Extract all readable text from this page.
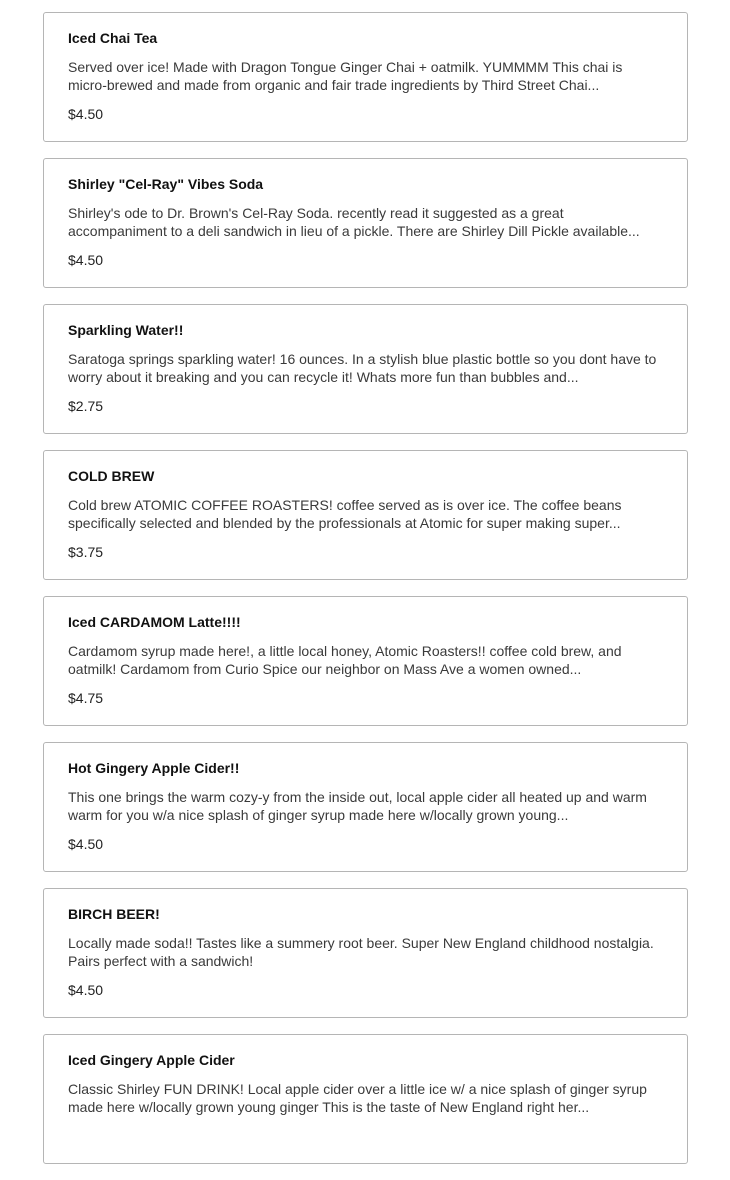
Iced Chai Tea
Served over ice! Made with Dragon Tongue Ginger Chai + oatmilk. YUMMMM This chai is micro-brewed and made from organic and fair trade ingredients by Third Street Chai...
$4.50
Shirley "Cel-Ray" Vibes Soda
Shirley's ode to Dr. Brown's Cel-Ray Soda. recently read it suggested as a great accompaniment to a deli sandwich in lieu of a pickle. There are Shirley Dill Pickle available...
$4.50
Sparkling Water!!
Saratoga springs sparkling water! 16 ounces. In a stylish blue plastic bottle so you dont have to worry about it breaking and you can recycle it! Whats more fun than bubbles and...
$2.75
COLD BREW
Cold brew ATOMIC COFFEE ROASTERS! coffee served as is over ice. The coffee beans specifically selected and blended by the professionals at Atomic for super making super...
$3.75
Iced CARDAMOM Latte!!!!
Cardamom syrup made here!, a little local honey, Atomic Roasters!! coffee cold brew, and oatmilk! Cardamom from Curio Spice our neighbor on Mass Ave a women owned...
$4.75
Hot Gingery Apple Cider!!
This one brings the warm cozy-y from the inside out, local apple cider all heated up and warm warm for you w/a nice splash of ginger syrup made here w/locally grown young...
$4.50
BIRCH BEER!
Locally made soda!! Tastes like a summery root beer. Super New England childhood nostalgia. Pairs perfect with a sandwich!
$4.50
Iced Gingery Apple Cider
Classic Shirley FUN DRINK! Local apple cider over a little ice w/ a nice splash of ginger syrup made here w/locally grown young ginger This is the taste of New England right her...
